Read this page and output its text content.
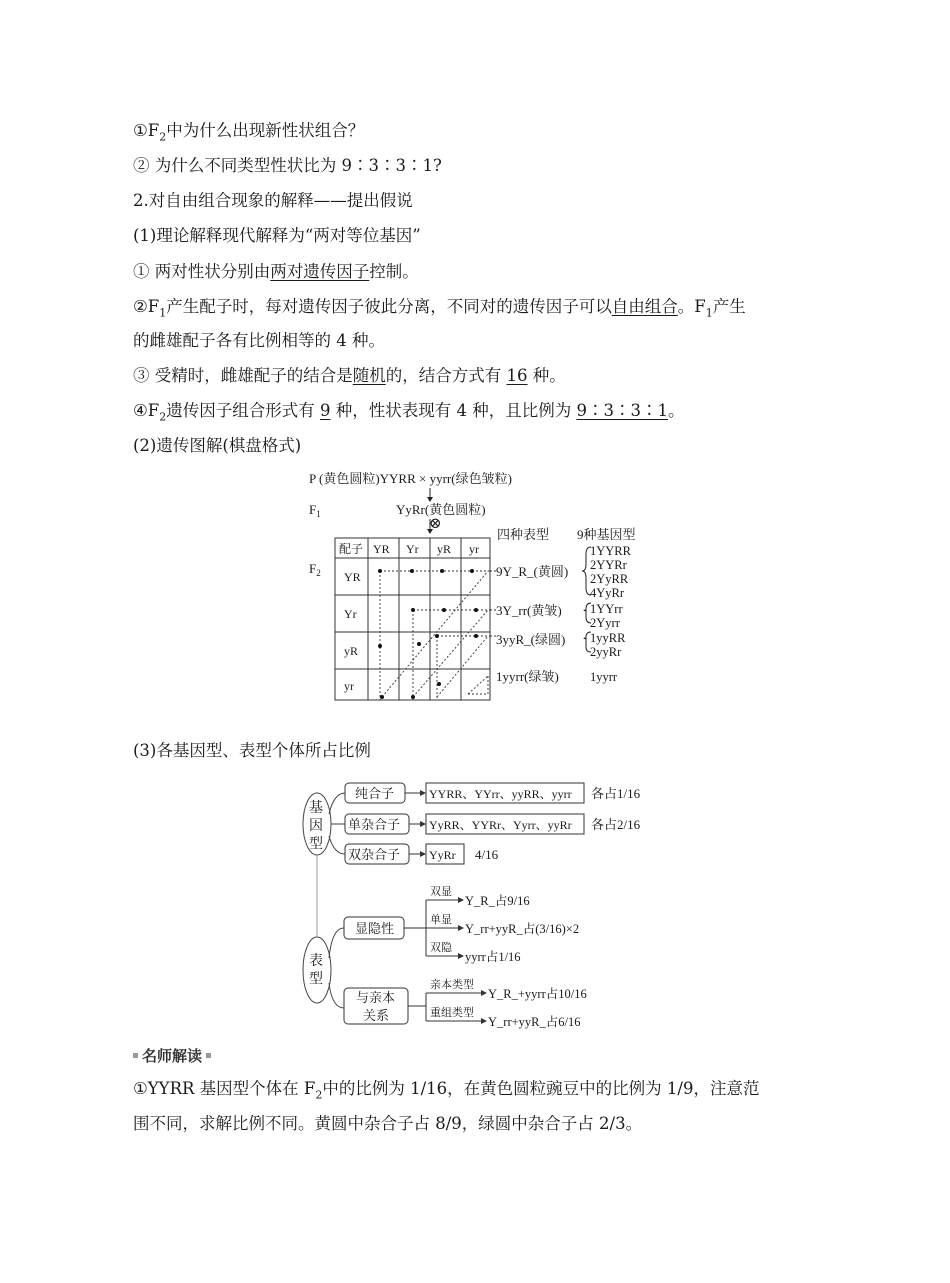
$①F_2$中为什么出现新性状组合？
② 为什么不同类型性状比为 9∶3∶3∶1?
2.对自由组合现象的解释——提出假说
(1)理论解释现代解释为“两对等位基因”
① 两对性状分别由两对遗传因子控制。
$②F_1$产生配子时，每对遗传因子彼此分离，不同对的遗传因子可以自由组合。$F_1$产生
的雌雄配子各有比例相等的 4 种。
③ 受精时，雌雄配子的结合是随机的，结合方式有 16 种。
$④F_2$遗传因子组合形式有 9 种，性状表现有 4 种，且比例为 9∶3∶3∶1。
(2)遗传图解(棋盘格式)
P (黄色圆粒)YYRR × yyrr(绿色皱粒)
$F_1$	YyRr(黄色圆粒)
⊗
四种表型 9种基因型
$F_2$
配子 YR Yr yR yr
YR
Yr
yR
yr
9Y_R_(黄圆)
3Y_rr(黄皱)
3yyR_(绿圆)
1yyrr(绿皱)
1YYRR
2YYRr
2YyRR
4YyRr
1YYrr
2Yyrr
1yyRR
2yyRr
1yyrr
(3)各基因型、表型个体所占比例
基
因
型
表
型
纯合子
单杂合子
双杂合子
YYRR、YYrr、yyRR、yyrr
YyRR、YYRr、Yyrr、yyRr
YyRr
各占1/16
各占2/16
4/16
显隐性
双显
单显
双隐
Y_R_占9/16
Y_rr+yyR_占(3/16)×2
yyrr占1/16
与亲本
关系
亲本类型
重组类型
Y_R_+yyrr占10/16
Y_rr+yyR_占6/16
名师解读
①YYRR 基因型个体在 $F_2$中的比例为 1/16，在黄色圆粒豌豆中的比例为 1/9，注意范
围不同，求解比例不同。黄圆中杂合子占 8/9，绿圆中杂合子占 2/3。
